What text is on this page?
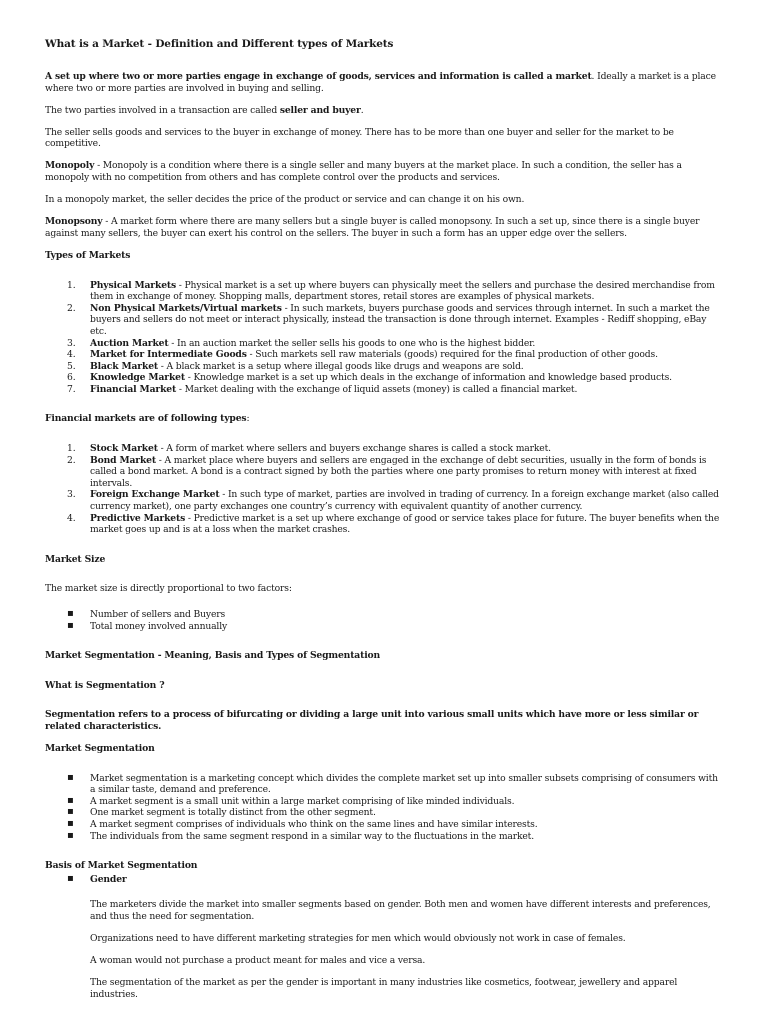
What is a Market - Definition and Different types of Markets

A set up where two or more parties engage in exchange of goods, services and information is called a market. Ideally a market is a place where two or more parties are involved in buying and selling.

The two parties involved in a transaction are called seller and buyer.

The seller sells goods and services to the buyer in exchange of money. There has to be more than one buyer and seller for the market to be competitive.

Monopoly - Monopoly is a condition where there is a single seller and many buyers at the market place. In such a condition, the seller has a monopoly with no competition from others and has complete control over the products and services.

In a monopoly market, the seller decides the price of the product or service and can change it on his own.

Monopsony - A market form where there are many sellers but a single buyer is called monopsony. In such a set up, since there is a single buyer against many sellers, the buyer can exert his control on the sellers. The buyer in such a form has an upper edge over the sellers.

Types of Markets
1. Physical Markets - Physical market is a set up where buyers can physically meet the sellers and purchase the desired merchandise from them in exchange of money. Shopping malls, department stores, retail stores are examples of physical markets.
2. Non Physical Markets/Virtual markets - In such markets, buyers purchase goods and services through internet. In such a market the buyers and sellers do not meet or interact physically, instead the transaction is done through internet. Examples - Rediff shopping, eBay etc.
3. Auction Market - In an auction market the seller sells his goods to one who is the highest bidder.
4. Market for Intermediate Goods - Such markets sell raw materials (goods) required for the final production of other goods.
5. Black Market - A black market is a setup where illegal goods like drugs and weapons are sold.
6. Knowledge Market - Knowledge market is a set up which deals in the exchange of information and knowledge based products.
7. Financial Market - Market dealing with the exchange of liquid assets (money) is called a financial market.
Financial markets are of following types:
1. Stock Market - A form of market where sellers and buyers exchange shares is called a stock market.
2. Bond Market - A market place where buyers and sellers are engaged in the exchange of debt securities, usually in the form of bonds is called a bond market. A bond is a contract signed by both the parties where one party promises to return money with interest at fixed intervals.
3. Foreign Exchange Market - In such type of market, parties are involved in trading of currency. In a foreign exchange market (also called currency market), one party exchanges one country’s currency with equivalent quantity of another currency.
4. Predictive Markets - Predictive market is a set up where exchange of good or service takes place for future. The buyer benefits when the market goes up and is at a loss when the market crashes.
Market Size

The market size is directly proportional to two factors:

▪ Number of sellers and Buyers
▪ Total money involved annually
Market Segmentation - Meaning, Basis and Types of Segmentation
What is Segmentation ?

Segmentation refers to a process of bifurcating or dividing a large unit into various small units which have more or less similar or related characteristics.

Market Segmentation
▪ Market segmentation is a marketing concept which divides the complete market set up into smaller subsets comprising of consumers with a similar taste, demand and preference.
▪ A market segment is a small unit within a large market comprising of like minded individuals.
▪ One market segment is totally distinct from the other segment.
▪ A market segment comprises of individuals who think on the same lines and have similar interests.
▪ The individuals from the same segment respond in a similar way to the fluctuations in the market.
Basis of Market Segmentation
▪ Gender

The marketers divide the market into smaller segments based on gender. Both men and women have different interests and preferences, and thus the need for segmentation.

Organizations need to have different marketing strategies for men which would obviously not work in case of females.

A woman would not purchase a product meant for males and vice a versa.

The segmentation of the market as per the gender is important in many industries like cosmetics, footwear, jewellery and apparel industries.
